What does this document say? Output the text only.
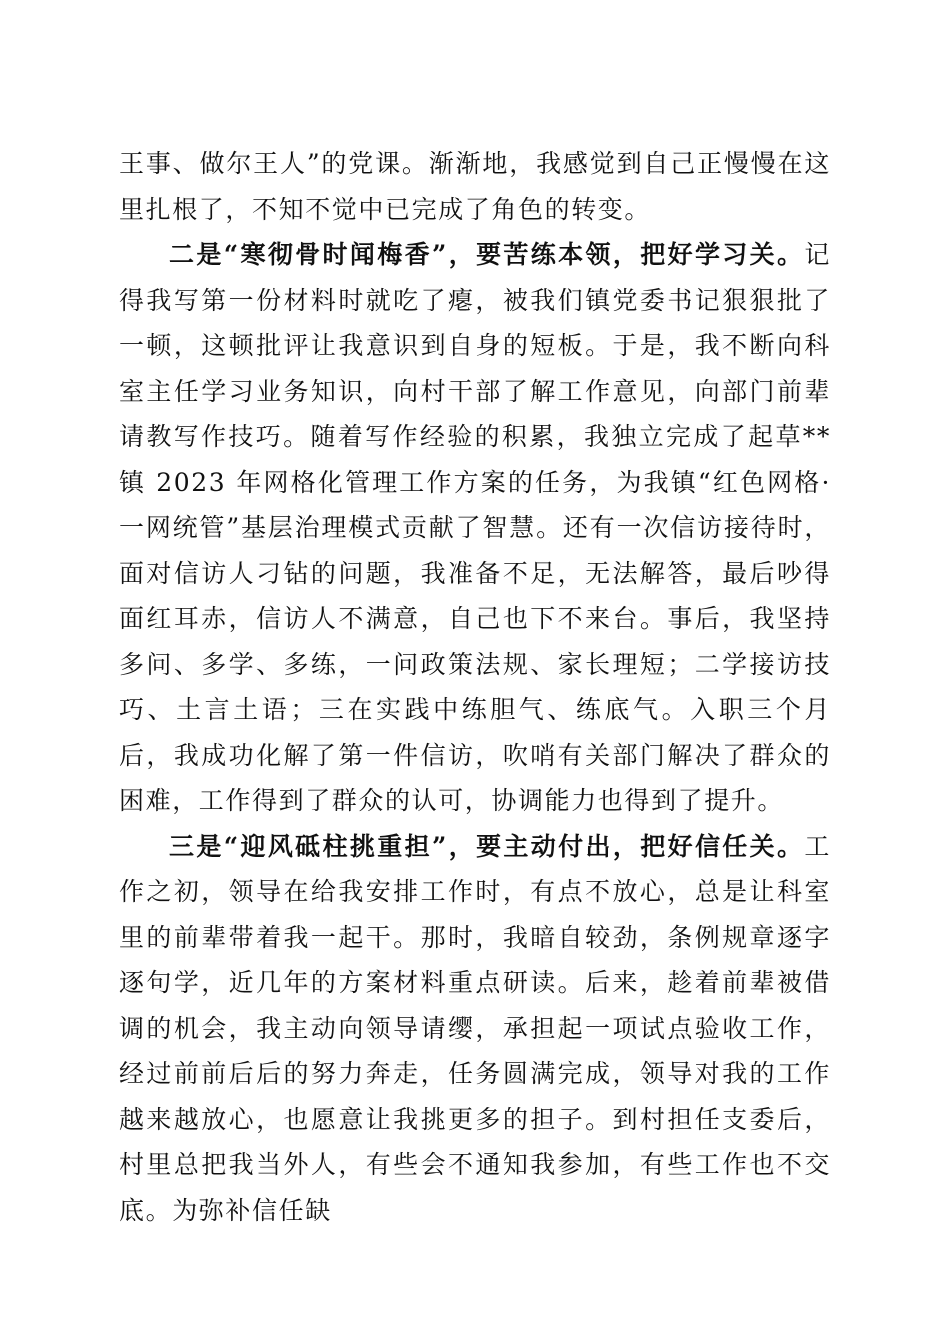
王事、做尔王人”的党课。渐渐地，我感觉到自己正慢慢在这里扎根了，不知不觉中已完成了角色的转变。

二是“寒彻骨时闻梅香”，要苦练本领，把好学习关。记得我写第一份材料时就吃了瘪，被我们镇党委书记狠狠批了一顿，这顿批评让我意识到自身的短板。于是，我不断向科室主任学习业务知识，向村干部了解工作意见，向部门前辈请教写作技巧。随着写作经验的积累，我独立完成了起草**镇 2023 年网格化管理工作方案的任务，为我镇“红色网格·一网统管”基层治理模式贡献了智慧。还有一次信访接待时，面对信访人刁钻的问题，我准备不足，无法解答，最后吵得面红耳赤，信访人不满意，自己也下不来台。事后，我坚持多问、多学、多练，一问政策法规、家长理短；二学接访技巧、土言土语；三在实践中练胆气、练底气。入职三个月后，我成功化解了第一件信访，吹哨有关部门解决了群众的困难，工作得到了群众的认可，协调能力也得到了提升。

三是“迎风砥柱挑重担”，要主动付出，把好信任关。工作之初，领导在给我安排工作时，有点不放心，总是让科室里的前辈带着我一起干。那时，我暗自较劲，条例规章逐字逐句学，近几年的方案材料重点研读。后来，趁着前辈被借调的机会，我主动向领导请缨，承担起一项试点验收工作，经过前前后后的努力奔走，任务圆满完成，领导对我的工作越来越放心，也愿意让我挑更多的担子。到村担任支委后，村里总把我当外人，有些会不通知我参加，有些工作也不交底。为弥补信任缺
